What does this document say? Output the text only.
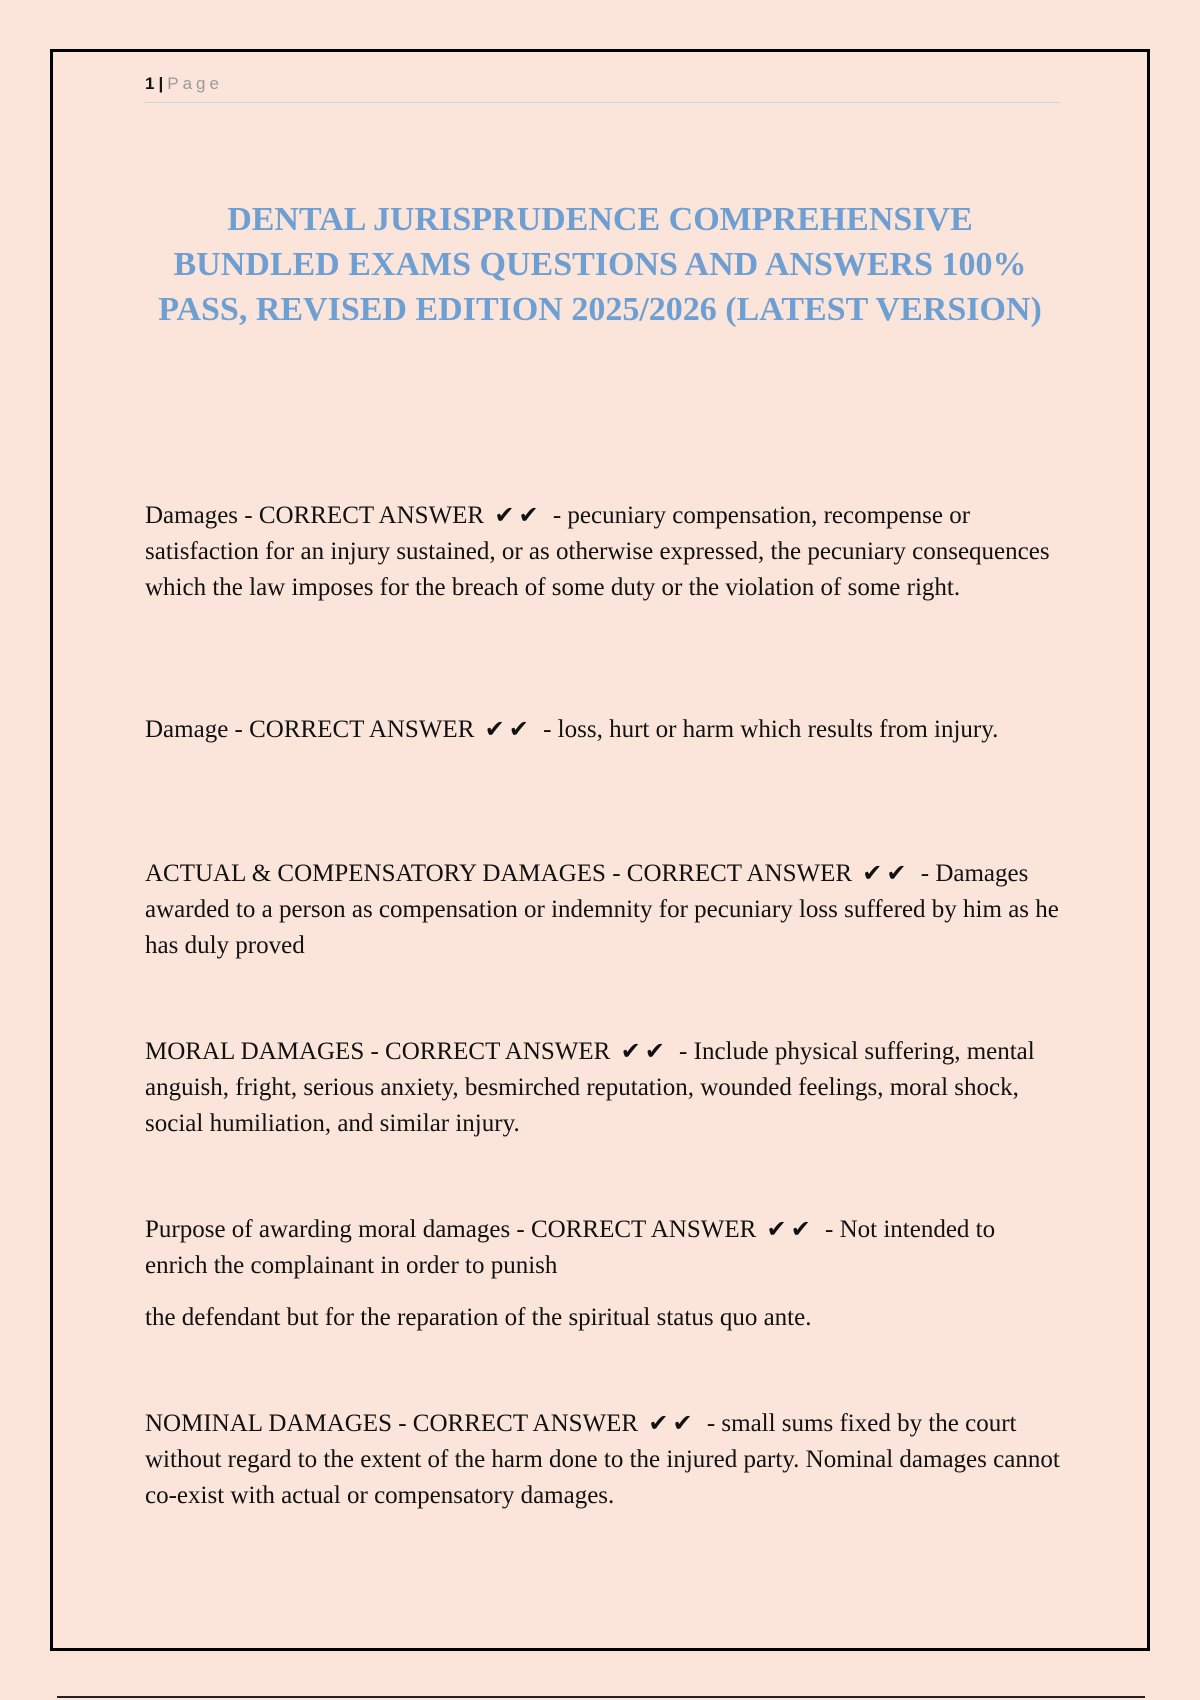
1 | Page
DENTAL JURISPRUDENCE COMPREHENSIVE BUNDLED EXAMS QUESTIONS AND ANSWERS 100% PASS, REVISED EDITION 2025/2026 (LATEST VERSION)

Damages - CORRECT ANSWER ✔✔ - pecuniary compensation, recompense or satisfaction for an injury sustained, or as otherwise expressed, the pecuniary consequences which the law imposes for the breach of some duty or the violation of some right.

Damage - CORRECT ANSWER ✔✔ - loss, hurt or harm which results from injury.

ACTUAL & COMPENSATORY DAMAGES - CORRECT ANSWER ✔✔ - Damages awarded to a person as compensation or indemnity for pecuniary loss suffered by him as he has duly proved

MORAL DAMAGES - CORRECT ANSWER ✔✔ - Include physical suffering, mental anguish, fright, serious anxiety, besmirched reputation, wounded feelings, moral shock, social humiliation, and similar injury.

Purpose of awarding moral damages - CORRECT ANSWER ✔✔ - Not intended to enrich the complainant in order to punish

the defendant but for the reparation of the spiritual status quo ante.

NOMINAL DAMAGES - CORRECT ANSWER ✔✔ - small sums fixed by the court without regard to the extent of the harm done to the injured party. Nominal damages cannot co-exist with actual or compensatory damages.
